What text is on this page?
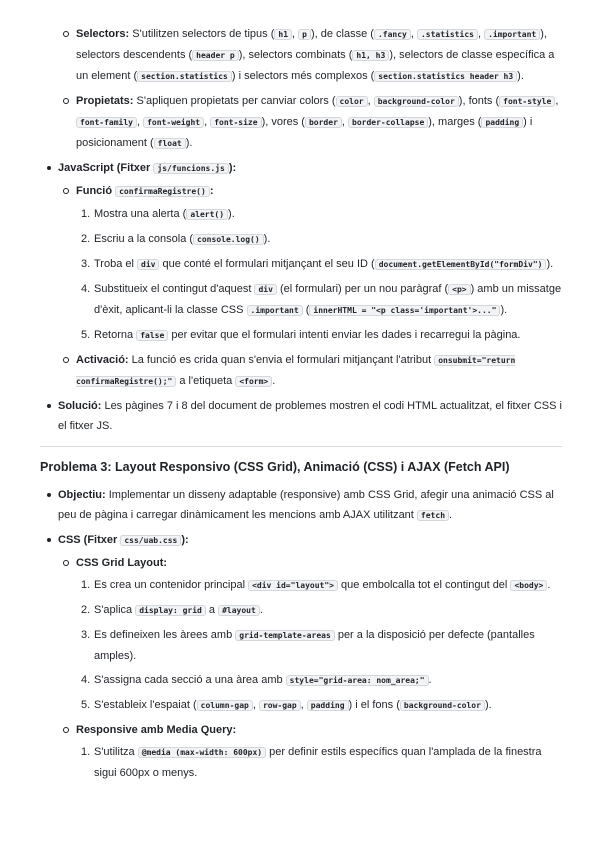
Selectors: S'utilitzen selectors de tipus ( h1 , p ), de classe ( .fancy , .statistics , .important ), selectors descendents ( header p ), selectors combinats ( h1, h3 ), selectors de classe específica a un element ( section.statistics ) i selectors més complexos ( section.statistics header h3 ).
Propietats: S'apliquen propietats per canviar colors ( color , background-color ), fonts ( font-style , font-family , font-weight , font-size ), vores ( border , border-collapse ), marges ( padding ) i posicionament ( float ).
JavaScript (Fitxer js/funcions.js ):
Funció confirmaRegistre() :
1. Mostra una alerta ( alert() ).
2. Escriu a la consola ( console.log() ).
3. Troba el div que conté el formulari mitjançant el seu ID ( document.getElementById("formDiv") ).
4. Substitueix el contingut d'aquest div (el formulari) per un nou paràgraf ( <p> ) amb un missatge d'èxit, aplicant-li la classe CSS .important ( innerHTML = "<p class='important'>..." ).
5. Retorna false per evitar que el formulari intenti enviar les dades i recarregui la pàgina.
Activació: La funció es crida quan s'envia el formulari mitjançant l'atribut onsubmit="return confirmaRegistre();" a l'etiqueta <form> .
Solució: Les pàgines 7 i 8 del document de problemes mostren el codi HTML actualitzat, el fitxer CSS i el fitxer JS.
Problema 3: Layout Responsivo (CSS Grid), Animació (CSS) i AJAX (Fetch API)
Objectiu: Implementar un disseny adaptable (responsive) amb CSS Grid, afegir una animació CSS al peu de pàgina i carregar dinàmicament les mencions amb AJAX utilitzant fetch .
CSS (Fitxer css/uab.css ):
CSS Grid Layout:
1. Es crea un contenidor principal <div id="layout"> que embolcalla tot el contingut del <body> .
2. S'aplica display: grid a #layout .
3. Es defineixen les àrees amb grid-template-areas per a la disposició per defecte (pantalles amples).
4. S'assigna cada secció a una àrea amb style="grid-area: nom_area;" .
5. S'estableix l'espaiat ( column-gap , row-gap , padding ) i el fons ( background-color ).
Responsive amb Media Query:
1. S'utilitza @media (max-width: 600px) per definir estils específics quan l'amplada de la finestra sigui 600px o menys.
